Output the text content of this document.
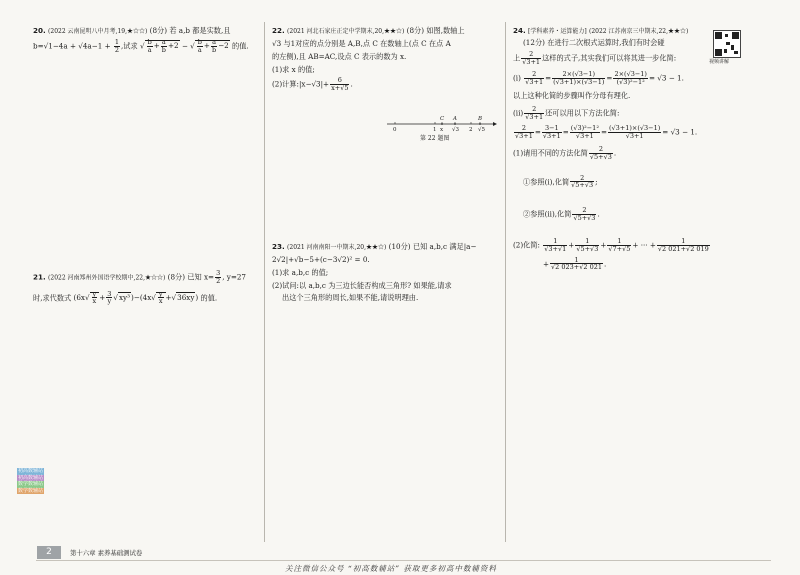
20. (2022 云南昆明八中月考,19,★☆☆) (8分) 若 a,b 都是实数,且
$b=√1-4a + √4a-1 + \frac{1}{2}$ ,试求 √ $\frac{b}{a} + \frac{a}{b} +2$ − √ $\frac{b}{a} + \frac{a}{b} -2$ 的值.
21. (2022 河南郑州外国语学校期中,22,★☆☆) (8分) 已知 $x= \frac{3}{2}$ , y=27
时,求代数式 $(6x√ \frac{y}{x} + \frac{3}{y} √xy^3)-(4x√ \frac{y}{x} +√36xy)$ 的值.
22. (2021 河北石家庄正定中学期末,20,★★☆) (8分) 如图,数轴上
√3 与1对应的点分别是 A,B,点 C 在数轴上(点 C 在点 A
的左侧),且 AB=AC,设点 C 表示的数为 x.
(1)求 x 的值;
(2)计算:|x−√3|+ $\frac{6}{x+√5}$ .
23. (2021 河南南阳一中期末,20,★★☆) (10分) 已知 a,b,c 满足|a−
2√2|+√b−5+(c−3√2)² = 0.
(1)求 a,b,c 的值;
(2)试问:以 a,b,c 为三边长能否构成三角形? 如果能,请求
出这个三角形的周长,如果不能,请说明理由.
0	1 x √3 2 √5
C A	B
第 22 题图
24. [学科素养・运算能力] (2022 江苏南京三中期末,22,★★☆)
(12分) 在进行二次根式运算时,我们有时会碰
上 $\frac{2}{√3+1}$ 这样的式子,其实我们可以将其进一步化简:
$(i) \frac{2}{√3+1} = \frac{2\times(√3-1)}{(√3+1)\times(√3-1)} = \frac{2\times(√3-1)}{\text{(√3)²−1²}} = √3 - 1$.
以上这种化简的步骤叫作分母有理化.
$(ii) \frac{2}{√3+1}$ 还可以用以下方法化简:
$\frac{2}{√3+1} = \frac{3-1}{√3+1} = \frac{\text{(√3)²−1²}}{√3+1} = \frac{(√3+1)\times(√3-1)}{√3+1} = √3 - 1$.
(1)请用不同的方法化简 $\frac{2}{√5+√3}$ .
①参照(i),化简 $\frac{2}{√5+√3}$ ;
②参照(ii),化简 $\frac{2}{√5+√3}$ .
(2)化简: $\frac{1}{√3+√1} + \frac{1}{√5+√3} + \frac{1}{√7+√5}$ + ··· + $\frac{1}{√2 021+√2 019}$
+ $\frac{1}{√2 023+√2 021}$ .
视频讲解
初高数辅站
初高数辅站
数学数辅站
数学数辅站
2	第十六章 素养基础测试卷
关注微信公众号 “初高数辅站” 获取更多初高中数辅资料
